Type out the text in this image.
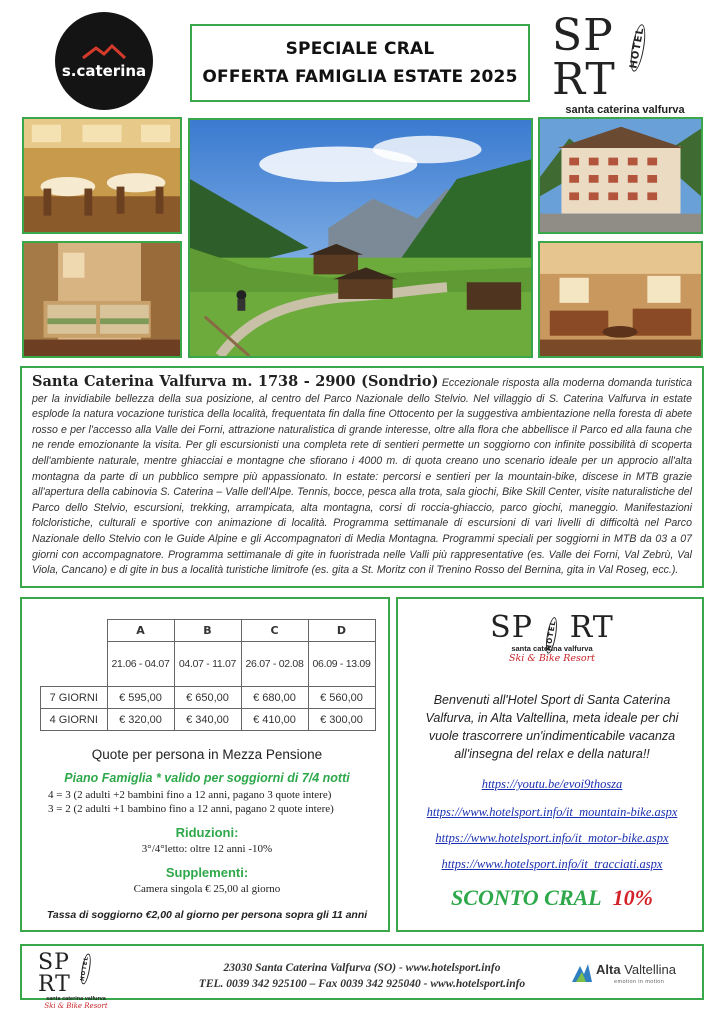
s.caterina
SPECIALE CRAL
OFFERTA FAMIGLIA ESTATE 2025
SP HOTELRT
santa caterina valfurva

Santa Caterina Valfurva m. 1738 - 2900 (Sondrio) Eccezionale risposta alla moderna domanda turistica per la invidiabile bellezza della sua posizione, al centro del Parco Nazionale dello Stelvio. Nel villaggio di S. Caterina Valfurva in estate esplode la natura vocazione turistica della località, frequentata fin dalla fine Ottocento per la suggestiva ambientazione nella foresta di abete rosso e per l'accesso alla Valle dei Forni, attrazione naturalistica di grande interesse, oltre alla flora che abbellisce il Parco ed alla fauna che ne rende emozionante la visita. Per gli escursionisti una completa rete di sentieri permette un soggiorno con infinite possibilità di scoperta dell'ambiente naturale, mentre ghiacciai e montagne che sfiorano i 4000 m. di quota creano uno scenario ideale per un approcio all'alta montagna da parte di un pubblico sempre più appassionato. In estate: percorsi e sentieri per la mountain-bike, discese in MTB grazie all'apertura della cabinovia S. Caterina – Valle dell'Alpe. Tennis, bocce, pesca alla trota, sala giochi, Bike Skill Center, visite naturalistiche del Parco dello Stelvio, escursioni, trekking, arrampicata, alta montagna, corsi di roccia-ghiaccio, parco giochi, maneggio. Manifestazioni folcloristiche, culturali e sportive con animazione di località. Programma settimanale di escursioni di vari livelli di difficoltà nel Parco Nazionale dello Stelvio con le Guide Alpine e gli Accompagnatori di Media Montagna. Programmi speciali per soggiorni in MTB da 03 a 07 giorni con accompagnatore. Programma settimanale di gite in fuoristrada nelle Valli più rappresentative (es. Valle dei Forni, Val Zebrù, Val Viola, Cancano) e di gite in bus a località turistiche limitrofe (es. gita a St. Moritz con il Trenino Rosso del Bernina, gita in Val Roseg, ecc.).

	A	B	C	D
	21.06 - 04.07	04.07 - 11.07	26.07 - 02.08	06.09 - 13.09
7 GIORNI	€ 595,00	€ 650,00	€ 680,00	€ 560,00
4 GIORNI	€ 320,00	€ 340,00	€ 410,00	€ 300,00
Quote per persona in Mezza Pensione
Piano Famiglia * valido per soggiorni di 7/4 notti
4 = 3 (2 adulti +2 bambini fino a 12 anni, pagano 3 quote intere)
3 = 2 (2 adulti +1 bambino fino a 12 anni, pagano 2 quote intere)
Riduzioni:
3°/4°letto: oltre 12 anni -10%
Supplementi:
Camera singola € 25,00 al giorno
Tassa di soggiorno €2,00 al giorno per persona sopra gli 11 anni
SP HOTEL RT
santa caterina valfurva
Ski & Bike Resort
Benvenuti all'Hotel Sport di Santa Caterina Valfurva, in Alta Valtellina, meta ideale per chi vuole trascorrere un'indimenticabile vacanza all'insegna del relax e della natura!!
https://youtu.be/evoi9thosza
https://www.hotelsport.info/it_mountain-bike.aspx
https://www.hotelsport.info/it_motor-bike.aspx
https://www.hotelsport.info/it_tracciati.aspx
SCONTO CRAL 10%
SP HOTELRT
santa caterina valfurva
Ski & Bike Resort
23030 Santa Caterina Valfurva (SO) - www.hotelsport.info
TEL. 0039 342 925100 – Fax 0039 342 925040 - www.hotelsport.info
Alta Valtellina
emotion in motion
